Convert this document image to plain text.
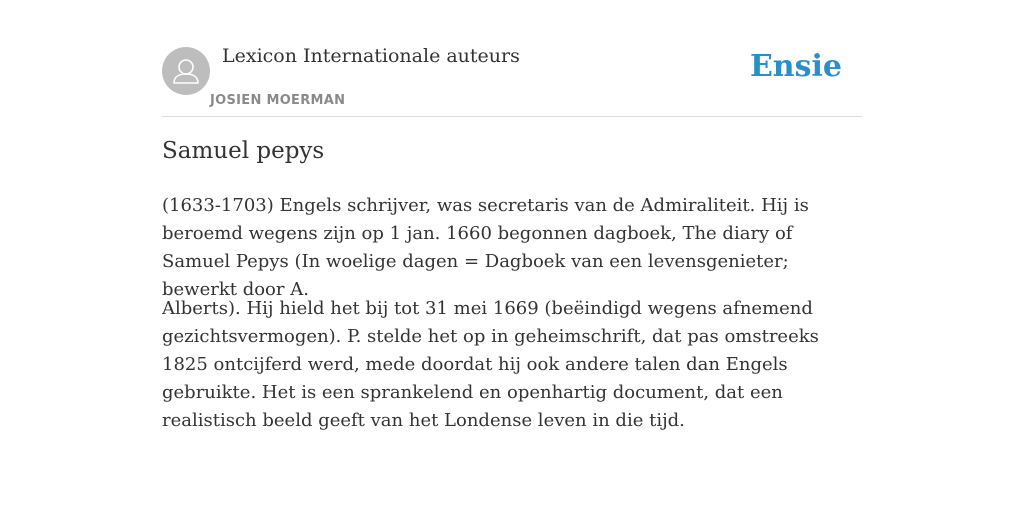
Lexicon Internationale auteurs
JOSIEN MOERMAN
Ensie
Samuel pepys

(1633-1703) Engels schrijver, was secretaris van de Admiraliteit. Hij is beroemd wegens zijn op 1 jan. 1660 begonnen dagboek, The diary of Samuel Pepys (In woelige dagen = Dagboek van een levensgenieter; bewerkt door A.

Alberts). Hij hield het bij tot 31 mei 1669 (beëindigd wegens afnemend gezichtsvermogen). P. stelde het op in geheimschrift, dat pas omstreeks 1825 ontcijferd werd, mede doordat hij ook andere talen dan Engels gebruikte. Het is een sprankelend en openhartig document, dat een realistisch beeld geeft van het Londense leven in die tijd.
